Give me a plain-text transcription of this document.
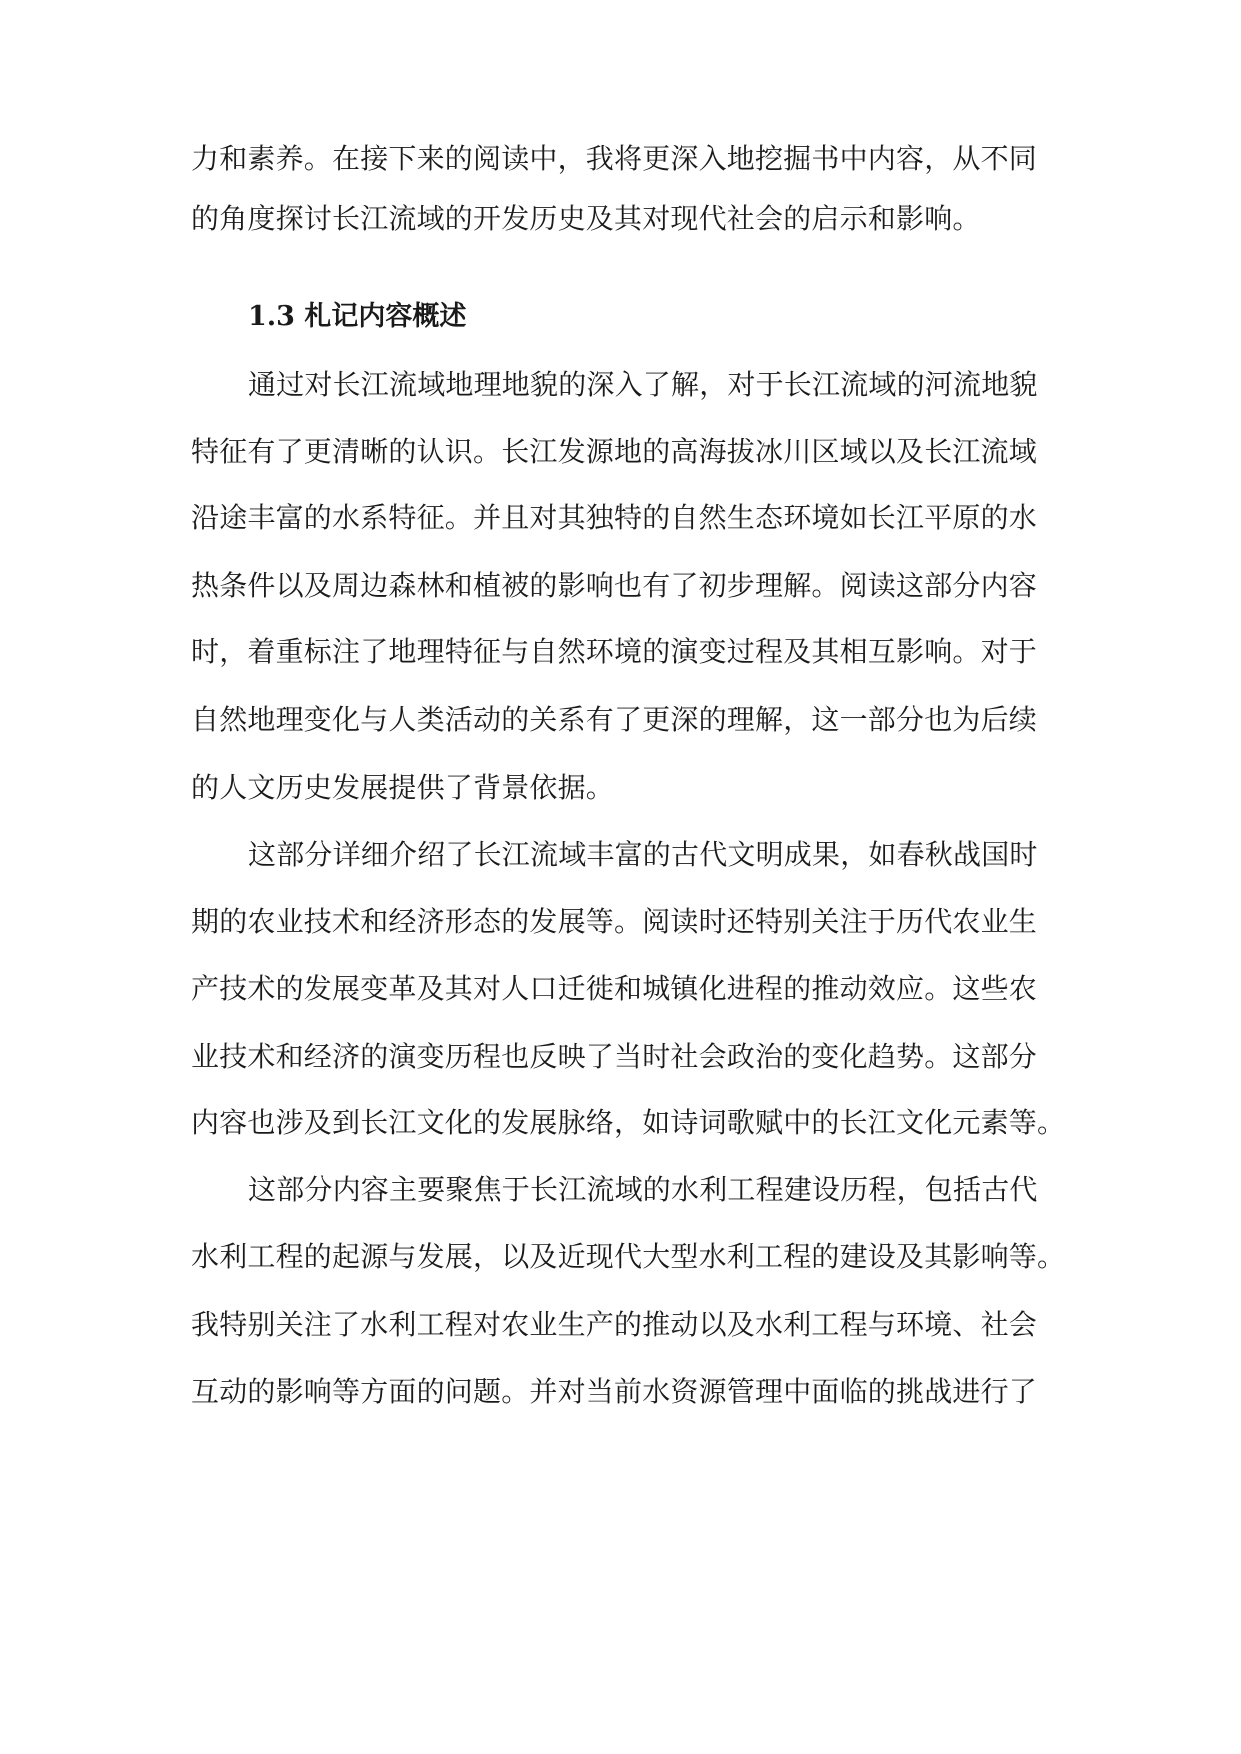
力和素养。在接下来的阅读中，我将更深入地挖掘书中内容，从不同
的角度探讨长江流域的开发历史及其对现代社会的启示和影响。
1.3 札记内容概述
通过对长江流域地理地貌的深入了解，对于长江流域的河流地貌
特征有了更清晰的认识。长江发源地的高海拔冰川区域以及长江流域
沿途丰富的水系特征。并且对其独特的自然生态环境如长江平原的水
热条件以及周边森林和植被的影响也有了初步理解。阅读这部分内容
时，着重标注了地理特征与自然环境的演变过程及其相互影响。对于
自然地理变化与人类活动的关系有了更深的理解，这一部分也为后续
的人文历史发展提供了背景依据。
这部分详细介绍了长江流域丰富的古代文明成果，如春秋战国时
期的农业技术和经济形态的发展等。阅读时还特别关注于历代农业生
产技术的发展变革及其对人口迁徙和城镇化进程的推动效应。这些农
业技术和经济的演变历程也反映了当时社会政治的变化趋势。这部分
内容也涉及到长江文化的发展脉络，如诗词歌赋中的长江文化元素等。
这部分内容主要聚焦于长江流域的水利工程建设历程，包括古代
水利工程的起源与发展，以及近现代大型水利工程的建设及其影响等。
我特别关注了水利工程对农业生产的推动以及水利工程与环境、社会
互动的影响等方面的问题。并对当前水资源管理中面临的挑战进行了
